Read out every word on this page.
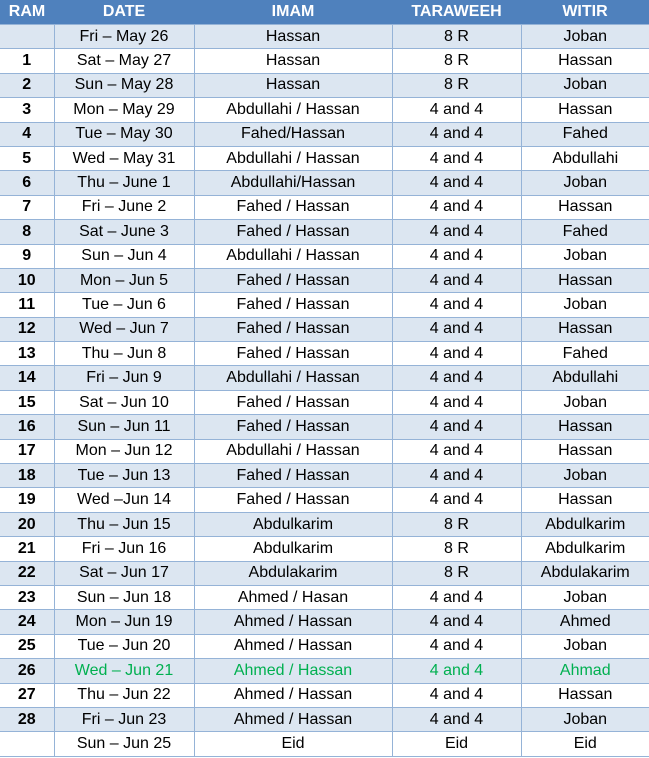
RAM	DATE	IMAM	TARAWEEH	WITIR
	Fri – May 26	Hassan	8 R	Joban
1	Sat – May 27	Hassan	8 R	Hassan
2	Sun – May 28	Hassan	8 R	Joban
3	Mon – May 29	Abdullahi / Hassan	4 and 4	Hassan
4	Tue – May 30	Fahed/Hassan	4 and 4	Fahed
5	Wed – May 31	Abdullahi / Hassan	4 and 4	Abdullahi
6	Thu – June 1	Abdullahi/Hassan	4 and 4	Joban
7	Fri – June 2	Fahed / Hassan	4 and 4	Hassan
8	Sat – June 3	Fahed / Hassan	4 and 4	Fahed
9	Sun – Jun 4	Abdullahi / Hassan	4 and 4	Joban
10	Mon – Jun 5	Fahed / Hassan	4 and 4	Hassan
11	Tue – Jun 6	Fahed / Hassan	4 and 4	Joban
12	Wed – Jun 7	Fahed / Hassan	4 and 4	Hassan
13	Thu – Jun 8	Fahed / Hassan	4 and 4	Fahed
14	Fri – Jun 9	Abdullahi / Hassan	4 and 4	Abdullahi
15	Sat – Jun 10	Fahed / Hassan	4 and 4	Joban
16	Sun – Jun 11	Fahed / Hassan	4 and 4	Hassan
17	Mon – Jun 12	Abdullahi / Hassan	4 and 4	Hassan
18	Tue – Jun 13	Fahed / Hassan	4 and 4	Joban
19	Wed –Jun 14	Fahed / Hassan	4 and 4	Hassan
20	Thu – Jun 15	Abdulkarim	8 R	Abdulkarim
21	Fri – Jun 16	Abdulkarim	8 R	Abdulkarim
22	Sat – Jun 17	Abdulakarim	8 R	Abdulakarim
23	Sun – Jun 18	Ahmed / Hasan	4 and 4	Joban
24	Mon – Jun 19	Ahmed / Hassan	4 and 4	Ahmed
25	Tue – Jun 20	Ahmed / Hassan	4 and 4	Joban
26	Wed – Jun 21	Ahmed / Hassan	4 and 4	Ahmad
27	Thu – Jun 22	Ahmed / Hassan	4 and 4	Hassan
28	Fri – Jun 23	Ahmed / Hassan	4 and 4	Joban
	Sun – Jun 25	Eid	Eid	Eid
